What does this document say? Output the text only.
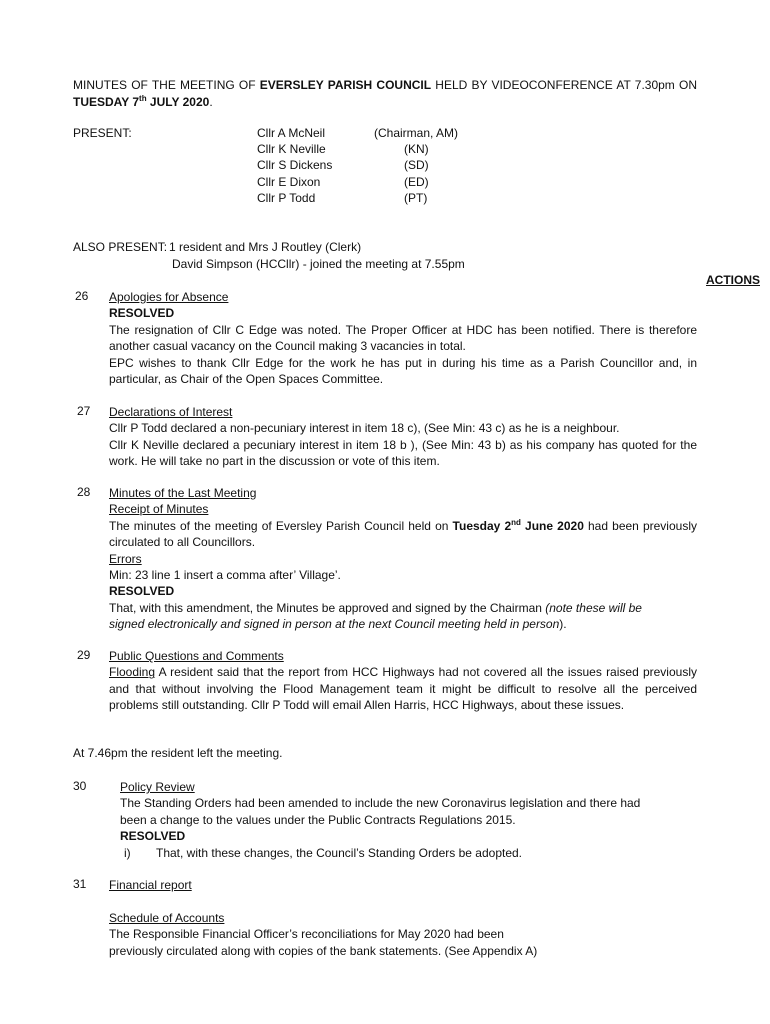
MINUTES OF THE MEETING OF EVERSLEY PARISH COUNCIL HELD BY VIDEOCONFERENCE AT 7.30pm ON
TUESDAY 7th JULY 2020.
PRESENT:	Cllr A McNeil	(Chairman, AM)
Cllr K Neville	(KN)
Cllr S Dickens	(SD)
Cllr E Dixon	(ED)
Cllr P Todd	(PT)
ALSO PRESENT: 1 resident and Mrs J Routley (Clerk)
David Simpson (HCCllr) - joined the meeting at 7.55pm
ACTIONS
26 Apologies for Absence
RESOLVED
The resignation of Cllr C Edge was noted. The Proper Officer at HDC has been notified. There is therefore another casual vacancy on the Council making 3 vacancies in total.
EPC wishes to thank Cllr Edge for the work he has put in during his time as a Parish Councillor and, in particular, as Chair of the Open Spaces Committee.
27 Declarations of Interest
Cllr P Todd declared a non-pecuniary interest in item 18 c), (See Min: 43 c) as he is a neighbour.
Cllr K Neville declared a pecuniary interest in item 18 b ), (See Min: 43 b) as his company has quoted for the work. He will take no part in the discussion or vote of this item.
28 Minutes of the Last Meeting
Receipt of Minutes
The minutes of the meeting of Eversley Parish Council held on Tuesday 2nd June 2020 had been previously circulated to all Councillors.
Errors
Min: 23 line 1 insert a comma after’ Village’.
RESOLVED
That, with this amendment, the Minutes be approved and signed by the Chairman (note these will be signed electronically and signed in person at the next Council meeting held in person).
29 Public Questions and Comments
Flooding A resident said that the report from HCC Highways had not covered all the issues raised previously and that without involving the Flood Management team it might be difficult to resolve all the perceived problems still outstanding. Cllr P Todd will email Allen Harris, HCC Highways, about these issues.
At 7.46pm the resident left the meeting.
30	Policy Review
The Standing Orders had been amended to include the new Coronavirus legislation and there had
been a change to the values under the Public Contracts Regulations 2015.
RESOLVED
i) That, with these changes, the Council’s Standing Orders be adopted.
31 Financial report
Schedule of Accounts
The Responsible Financial Officer’s reconciliations for May 2020 had been
previously circulated along with copies of the bank statements. (See Appendix A)
